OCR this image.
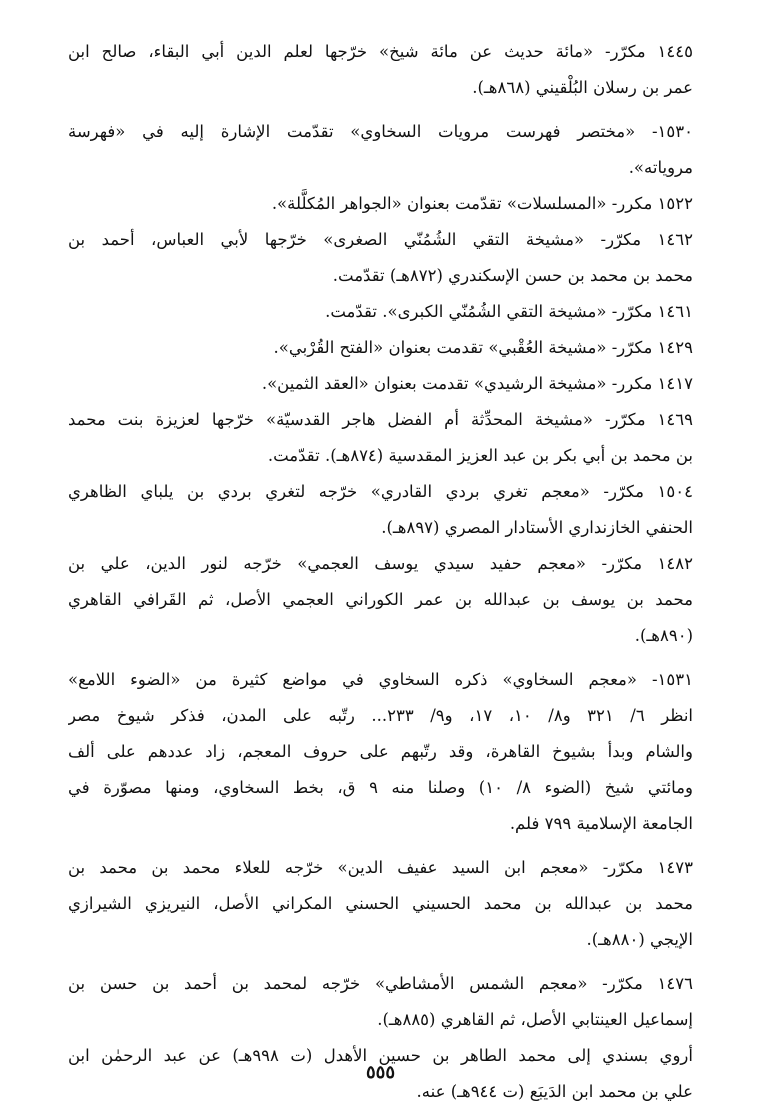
١٤٤٥ مكرّر- «مائة حديث عن مائة شيخ» خرّجها لعلم الدين أبي البقاء، صالح ابن
عمر بن رسلان البُلْقيني (٨٦٨هـ).
١٥٣٠- «مختصر فهرست مرويات السخاوي» تقدّمت الإشارة إليه في «فهرسة
مروياته».
١٥٢٢ مكرر- «المسلسلات» تقدّمت بعنوان «الجواهر المُكلَّلة».
١٤٦٢ مكرّر- «مشيخة التقي الشُمُنّي الصغرى» خرّجها لأبي العباس، أحمد بن
محمد بن محمد بن حسن الإسكندري (٨٧٢هـ) تقدّمت.
١٤٦١ مكرّر- «مشيخة التقي الشُمُنّي الكبرى». تقدّمت.
١٤٢٩ مكرّر- «مشيخة العُقْبي» تقدمت بعنوان «الفتح القُرْبي».
١٤١٧ مكرر- «مشيخة الرشيدي» تقدمت بعنوان «العقد الثمين».
١٤٦٩ مكرّر- «مشيخة المحدِّثة أم الفضل هاجر القدسيّة» خرّجها لعزيزة بنت محمد
بن محمد بن أبي بكر بن عبد العزيز المقدسية (٨٧٤هـ). تقدّمت.
١٥٠٤ مكرّر- «معجم تغري بردي القادري» خرّجه لتغري بردي بن يلباي الظاهري
الحنفي الخازنداري الأستادار المصري (٨٩٧هـ).
١٤٨٢ مكرّر- «معجم حفيد سيدي يوسف العجمي» خرّجه لنور الدين، علي بن
محمد بن يوسف بن عبدالله بن عمر الكوراني العجمي الأصل، ثم القَرافي القاهري
(٨٩٠هـ).
١٥٣١- «معجم السخاوي» ذكره السخاوي في مواضع كثيرة من «الضوء اللامع»
انظر ٦/ ٣٢١ و٨/ ١٠، ١٧، و٩/ ٢٣٣... رتّبه على المدن، فذكر شيوخ مصر
والشام وبدأ بشيوخ القاهرة، وقد رتّبهم على حروف المعجم، زاد عددهم على ألف
ومائتي شيخ (الضوء ٨/ ١٠) وصلنا منه ٩ ق، بخط السخاوي، ومنها مصوّرة في
الجامعة الإسلامية ٧٩٩ فلم.
١٤٧٣ مكرّر- «معجم ابن السيد عفيف الدين» خرّجه للعلاء محمد بن محمد بن
محمد بن عبدالله بن محمد الحسيني الحسني المكراني الأصل، النيريزي الشيرازي
الإيجي (٨٨٠هـ).
١٤٧٦ مكرّر- «معجم الشمس الأمشاطي» خرّجه لمحمد بن أحمد بن حسن بن
إسماعيل العينتابي الأصل، ثم القاهري (٨٨٥هـ).
أروي بسندي إلى محمد الطاهر بن حسين الأهدل (ت ٩٩٨هـ) عن عبد الرحمٰن ابن
علي بن محمد ابن الدَيبَع (ت ٩٤٤هـ) عنه.
٥٥٥
